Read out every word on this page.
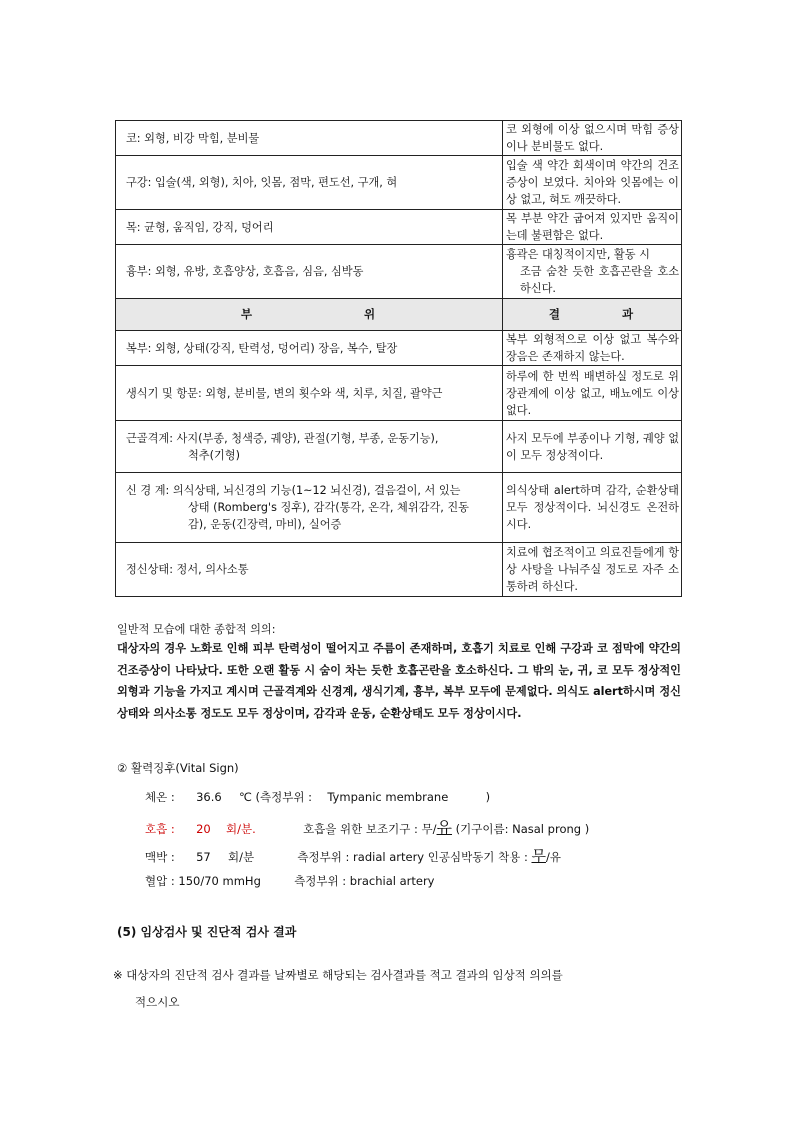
코: 외형, 비강 막힘, 분비물	코 외형에 이상 없으시며 막힘 증상이나 분비물도 없다.
구강: 입술(색, 외형), 치아, 잇몸, 점막, 편도선, 구개, 혀	입술 색 약간 회색이며 약간의 건조증상이 보였다. 치아와 잇몸에는 이상 없고, 혀도 깨끗하다.
목: 균형, 움직임, 강직, 덩어리	목 부분 약간 굽어져 있지만 움직이는데 불편함은 없다.
흉부: 외형, 유방, 호흡양상, 호흡음, 심음, 심박동	흉곽은 대칭적이지만, 활동 시
조금 숨찬 듯한 호흡곤란을 호소하신다.

부 위	결 과
복부: 외형, 상태(강직, 탄력성, 덩어리) 장음, 복수, 탈장	복부 외형적으로 이상 없고 복수와 장음은 존재하지 않는다.
생식기 및 항문: 외형, 분비물, 변의 횟수와 색, 치루, 치질, 괄약근	하루에 한 번씩 배변하실 정도로 위장관계에 이상 없고, 배뇨에도 이상 없다.
근골격계: 사지(부종, 청색증, 궤양), 관절(기형, 부종, 운동기능),
척추(기형)	사지 모두에 부종이나 기형, 궤양 없이 모두 정상적이다.
신 경 계: 의식상태, 뇌신경의 기능(1~12 뇌신경), 걸음걸이, 서 있는
상태 (Romberg's 징후), 감각(통각, 온각, 체위감각, 진동
감), 운동(긴장력, 마비), 실어증	의식상태 alert하며 감각, 순환상태 모두 정상적이다. 뇌신경도 온전하시다.
정신상태: 정서, 의사소통	치료에 협조적이고 의료진들에게 항상 사탕을 나눠주실 정도로 자주 소통하려 하신다.
일반적 모습에 대한 종합적 의의:
대상자의 경우 노화로 인해 피부 탄력성이 떨어지고 주름이 존재하며, 호흡기 치료로 인해 구강과 코 점막에 약간의 건조증상이 나타났다. 또한 오랜 활동 시 숨이 차는 듯한 호흡곤란을 호소하신다. 그 밖의 눈, 귀, 코 모두 정상적인 외형과 기능을 가지고 계시며 근골격계와 신경계, 생식기계, 흉부, 복부 모두에 문제없다. 의식도 alert하시며 정신 상태와 의사소통 정도도 모두 정상이며, 감각과 운동, 순환상태도 모두 정상이시다.
② 활력징후(Vital Sign)
체온 : 36.6 ℃ (측정부위 : Tympanic membrane	)
호흡 : 20 회/분.	호흡을 위한 보조기구 : 무/유 (기구이름: Nasal prong )
맥박 : 57 회/분	측정부위 : radial artery 인공심박동기 착용 : 무/유
혈압 : 150/70 mmHg	측정부위 : brachial artery
(5) 임상검사 및 진단적 검사 결과
※ 대상자의 진단적 검사 결과를 날짜별로 해당되는 검사결과를 적고 결과의 임상적 의의를
적으시오
